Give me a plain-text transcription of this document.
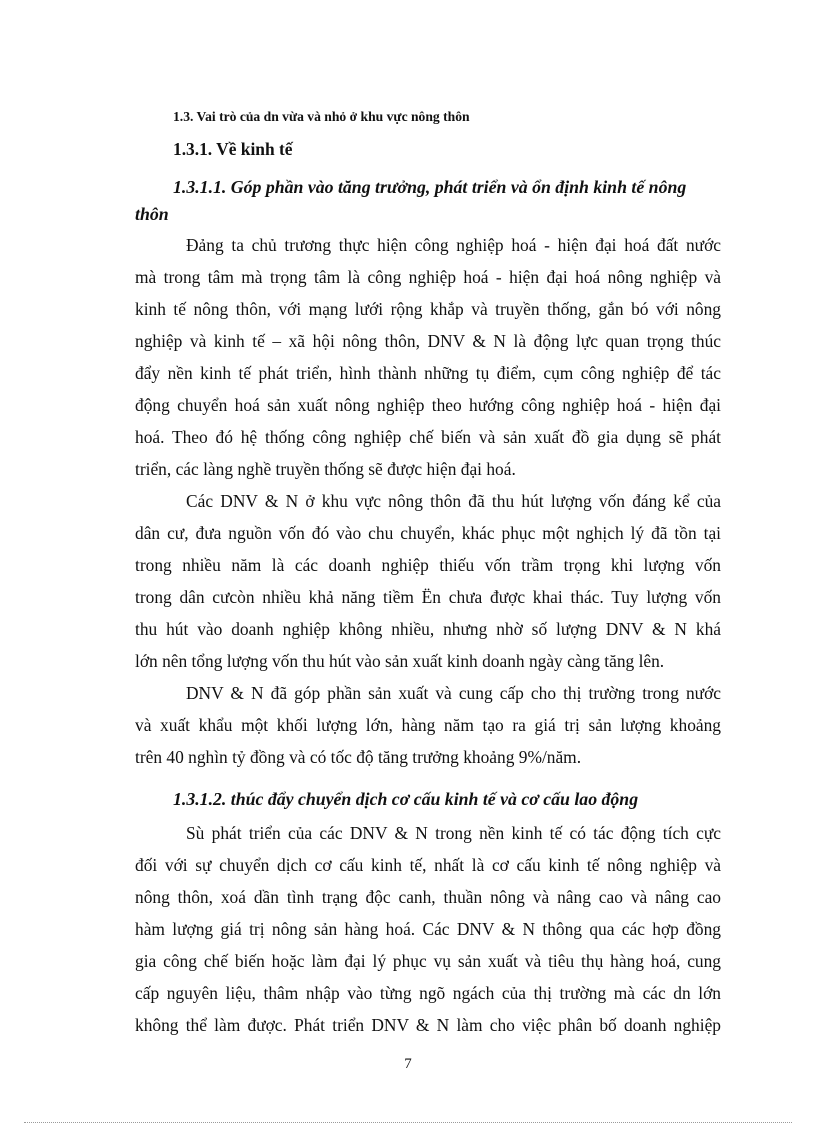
1.3. Vai trò của dn vừa và nhỏ ở khu vực nông thôn
1.3.1. Về kinh tế
1.3.1.1. Góp phần vào tăng trưởng, phát triển và ổn định kinh tế nông
thôn
Đảng ta chủ trương thực hiện công nghiệp hoá - hiện đại hoá đất nước
mà trong tâm mà trọng tâm là công nghiệp hoá - hiện đại hoá nông nghiệp và
kinh tế nông thôn, với mạng lưới rộng khắp và truyền thống, gắn bó với nông
nghiệp và kinh tế – xã hội nông thôn, DNV & N là động lực quan trọng thúc
đẩy nền kinh tế phát triển, hình thành những tụ điểm, cụm công nghiệp để tác
động chuyển hoá sản xuất nông nghiệp theo hướng công nghiệp hoá - hiện đại
hoá. Theo đó hệ thống công nghiệp chế biến và sản xuất đồ gia dụng sẽ phát
triển, các làng nghề truyền thống sẽ được hiện đại hoá.
Các DNV & N ở khu vực nông thôn đã thu hút lượng vốn đáng kể của
dân cư, đưa nguồn vốn đó vào chu chuyển, khác phục một nghịch lý đã tồn tại
trong nhiều năm là các doanh nghiệp thiếu vốn trầm trọng khi lượng vốn
trong dân cưcòn nhiều khả năng tiềm Ën chưa được khai thác. Tuy lượng vốn
thu hút vào doanh nghiệp không nhiều, nhưng nhờ số lượng DNV & N khá
lớn nên tổng lượng vốn thu hút vào sản xuất kinh doanh ngày càng tăng lên.
DNV & N đã góp phần sản xuất và cung cấp cho thị trường trong nước
và xuất khẩu một khối lượng lớn, hàng năm tạo ra giá trị sản lượng khoảng
trên 40 nghìn tỷ đồng và có tốc độ tăng trưởng khoảng 9%/năm.
1.3.1.2. thúc đẩy chuyển dịch cơ cấu kinh tế và cơ cấu lao động
Sù phát triển của các DNV & N trong nền kinh tế có tác động tích cực
đối với sự chuyển dịch cơ cấu kinh tế, nhất là cơ cấu kinh tế nông nghiệp và
nông thôn, xoá dần tình trạng độc canh, thuần nông và nâng cao và nâng cao
hàm lượng giá trị nông sản hàng hoá. Các DNV & N thông qua các hợp đồng
gia công chế biến hoặc làm đại lý phục vụ sản xuất và tiêu thụ hàng hoá, cung
cấp nguyên liệu, thâm nhập vào từng ngõ ngách của thị trường mà các dn lớn
không thể làm được. Phát triển DNV & N làm cho việc phân bố doanh nghiệp
7
